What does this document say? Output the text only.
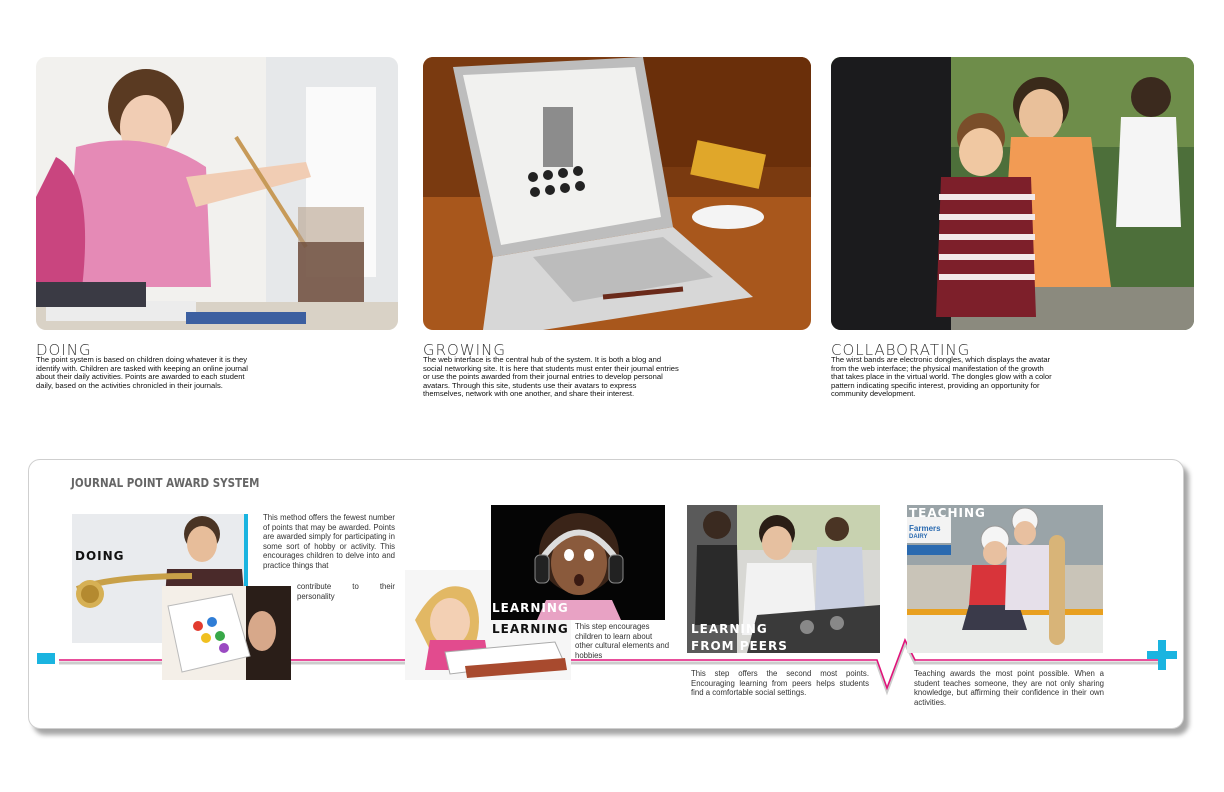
DOING
The point system is based on children doing whatever it is they identify with. Children are tasked with keeping an online journal about their daily activities. Points are awarded to each student daily, based on the activities chronicled in their journals.
GROWING
The web interface is the central hub of the system. It is both a blog and social networking site. It is here that students must enter their journal entries or use the points awarded from their journal entries to develop personal avatars. Through this site, students use their avatars to express themselves, network with one another, and share their interest.
COLLABORATING
The wirst bands are electronic dongles, which displays the avatar from the web interface; the physical manifestation of the growth that takes place in the virtual world. The dongles glow with a color pattern indicating specific interest, providing an opportunity for community development.
JOURNAL POINT AWARD SYSTEM
DOING
This method offers the fewest number of points that may be awarded. Points are awarded simply for participating in some sort of hobby or activity. This encourages children to delve into and practice things that
contribute to their personality
LEARNING
LEARNING This step encourages children to learn about other cultural elements and hobbies
LEARNING
FROM PEERS
This step offers the second most points. Encouraging learning from peers helps students find a comfortable social settings.
TEACHING
Farmers
DAIRY
Teaching awards the most point possible. When a student teaches someone, they are not only sharing knowledge, but affirming their confidence in their own activities.
